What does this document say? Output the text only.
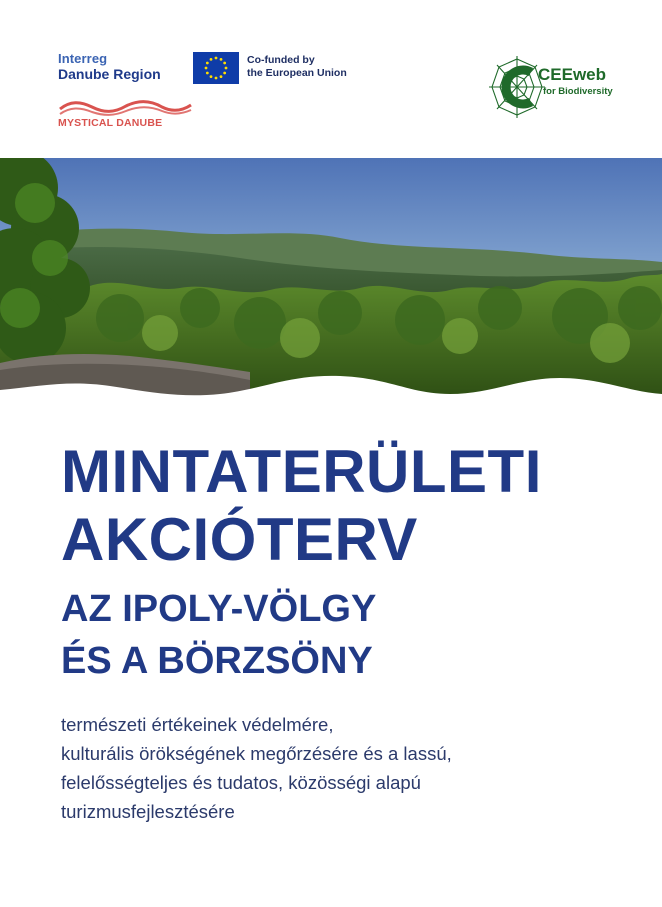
Interreg
Danube Region
Co-funded by
the European Union
MYSTICAL DANUBE
CEEweb
for Biodiversity
MINTATERÜLETI
AKCIÓTERV
AZ IPOLY-VÖLGY
ÉS A BÖRZSÖNY

természeti értékeinek védelmére,

kulturális örökségének megőrzésére és a lassú,

felelősségteljes és tudatos, közösségi alapú

turizmusfejlesztésére
